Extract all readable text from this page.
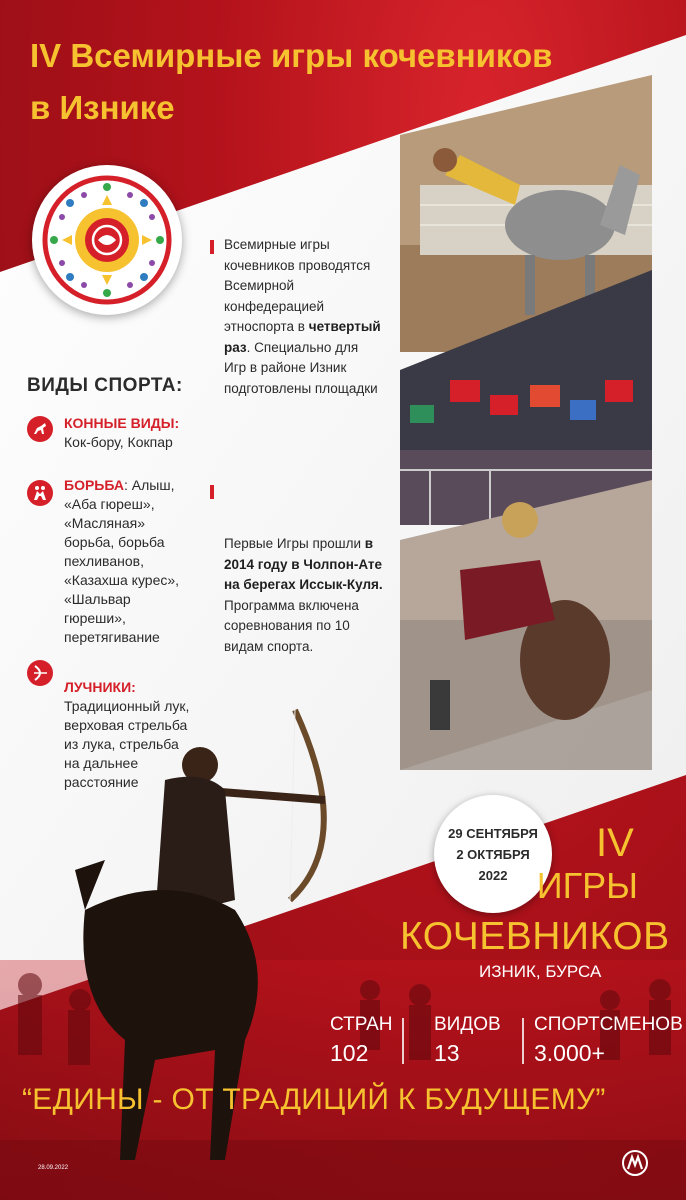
IV Всемирные игры кочевников
в Изнике
ВИДЫ СПОРТА:
КОННЫЕ ВИДЫ:
Кок-бору, Кокпар
БОРЬБА: Алыш, «Аба гюреш», «Масляная» борьба, борьба пехливанов, «Казахша курес», «Шальвар гюреши», перетягивание
ЛУЧНИКИ:
Традиционный лук, верховая стрельба из лука, стрельба на дальнее расстояние
Всемирные игры кочевников проводятся Всемирной конфедерацией этноспорта в четвертый раз. Специально для Игр в районе Изник подготовлены площадки
Первые Игры прошли в 2014 году в Чолпон-Ате на берегах Иссык-Куля. Программа включена соревнования по 10 видам спорта.
29 СЕНТЯБРЯ
2 ОКТЯБРЯ
2022
IV
ИГРЫ
КОЧЕВНИКОВ
ИЗНИК, БУРСА
СТРАН
102
ВИДОВ
13
СПОРТСМЕНОВ
3.000+
“ЕДИНЫ - ОТ ТРАДИЦИЙ К БУДУЩЕМУ”
28.09.2022
